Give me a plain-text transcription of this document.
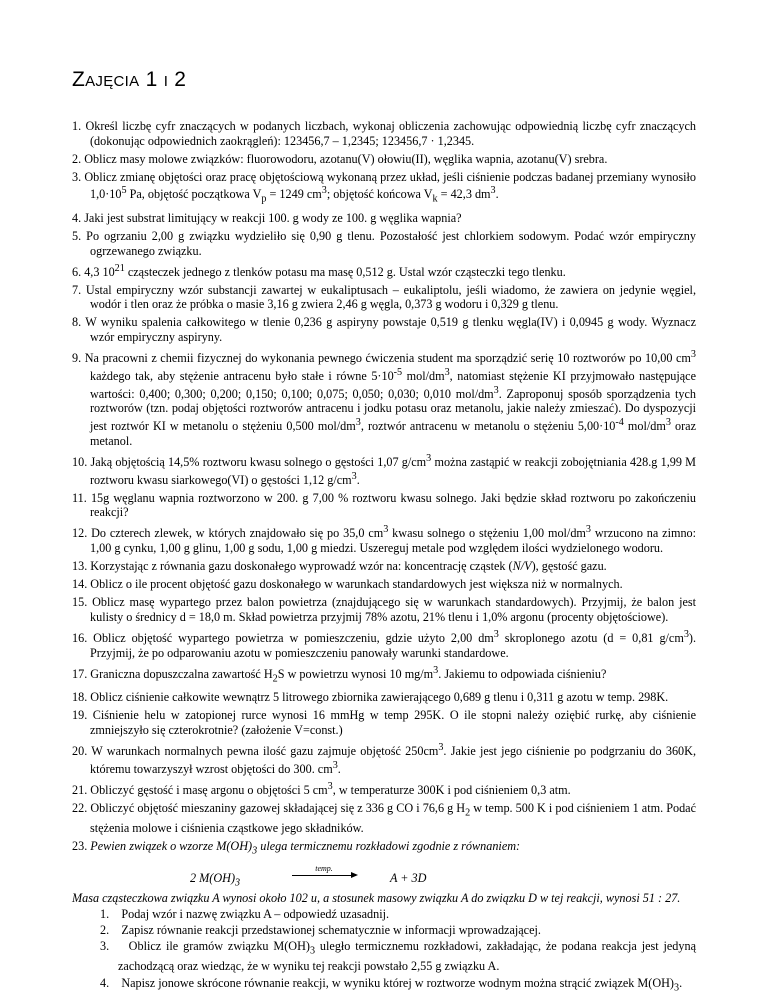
Zajęcia 1 i 2
1. Określ liczbę cyfr znaczących w podanych liczbach, wykonaj obliczenia zachowując odpowiednią liczbę cyfr znaczących (dokonując odpowiednich zaokrągleń): 123456,7 – 1,2345; 123456,7 · 1,2345.
2. Oblicz masy molowe związków: fluorowodoru, azotanu(V) ołowiu(II), węglika wapnia, azotanu(V) srebra.
3. Oblicz zmianę objętości oraz pracę objętościową wykonaną przez układ, jeśli ciśnienie podczas badanej przemiany wynosiło $1,0\cdot 10^5$ Pa, objętość początkowa $V_p = 1249$ $cm^3$; objętość końcowa $V_k = 42,3$ $dm^3$.
4. Jaki jest substrat limitujący w reakcji 100. g wody ze 100. g węglika wapnia?
5. Po ogrzaniu 2,00 g związku wydzieliło się 0,90 g tlenu. Pozostałość jest chlorkiem sodowym. Podać wzór empiryczny ogrzewanego związku.
6. 4,3 $10^{21}$ cząsteczek jednego z tlenków potasu ma masę 0,512 g. Ustal wzór cząsteczki tego tlenku.
7. Ustal empiryczny wzór substancji zawartej w eukaliptusach – eukaliptolu, jeśli wiadomo, że zawiera on jedynie węgiel, wodór i tlen oraz że próbka o masie 3,16 g zwiera 2,46 g węgla, 0,373 g wodoru i 0,329 g tlenu.
8. W wyniku spalenia całkowitego w tlenie 0,236 g aspiryny powstaje 0,519 g tlenku węgla(IV) i 0,0945 g wody. Wyznacz wzór empiryczny aspiryny.
9. Na pracowni z chemii fizycznej do wykonania pewnego ćwiczenia student ma sporządzić serię 10 roztworów po 10,00 $cm^3$ każdego tak, aby stężenie antracenu było stałe i równe $5\cdot 10^{-5}$ mol/$dm^3$, natomiast stężenie KI przyjmowało następujące wartości: 0,400; 0,300; 0,200; 0,150; 0,100; 0,075; 0,050; 0,030; 0,010 mol/$dm^3$. Zaproponuj sposób sporządzenia tych roztworów (tzn. podaj objętości roztworów antracenu i jodku potasu oraz metanolu, jakie należy zmieszać). Do dyspozycji jest roztwór KI w metanolu o stężeniu 0,500 mol/$dm^3$, roztwór antracenu w metanolu o stężeniu $5,00\cdot 10^{-4}$ mol/$dm^3$ oraz metanol.
10. Jaką objętością 14,5% roztworu kwasu solnego o gęstości 1,07 $g/cm^3$ można zastąpić w reakcji zobojętniania 428.g 1,99 M roztworu kwasu siarkowego(VI) o gęstości 1,12 $g/cm^3$.
11. 15g węglanu wapnia roztworzono w 200. g 7,00 % roztworu kwasu solnego. Jaki będzie skład roztworu po zakończeniu reakcji?
12. Do czterech zlewek, w których znajdowało się po 35,0 $cm^3$ kwasu solnego o stężeniu 1,00 mol/$dm^3$ wrzucono na zimno: 1,00 g cynku, 1,00 g glinu, 1,00 g sodu, 1,00 g miedzi. Uszereguj metale pod względem ilości wydzielonego wodoru.
13. Korzystając z równania gazu doskonałego wyprowadź wzór na: koncentrację cząstek (N/V), gęstość gazu.
14. Oblicz o ile procent objętość gazu doskonałego w warunkach standardowych jest większa niż w normalnych.
15. Oblicz masę wypartego przez balon powietrza (znajdującego się w warunkach standardowych). Przyjmij, że balon jest kulisty o średnicy d = 18,0 m. Skład powietrza przyjmij 78% azotu, 21% tlenu i 1,0% argonu (procenty objętościowe).
16. Oblicz objętość wypartego powietrza w pomieszczeniu, gdzie użyto 2,00 $dm^3$ skroplonego azotu (d = 0,81 $g/cm^3$). Przyjmij, że po odparowaniu azotu w pomieszczeniu panowały warunki standardowe.
17. Graniczna dopuszczalna zawartość $H_2S$ w powietrzu wynosi 10 $mg/m^3$. Jakiemu to odpowiada ciśnieniu?
18. Oblicz ciśnienie całkowite wewnątrz 5 litrowego zbiornika zawierającego 0,689 g tlenu i 0,311 g azotu w temp. 298K.
19. Ciśnienie helu w zatopionej rurce wynosi 16 mmHg w temp 295K. O ile stopni należy oziębić rurkę, aby ciśnienie zmniejszyło się czterokrotnie? (założenie V=const.)
20. W warunkach normalnych pewna ilość gazu zajmuje objętość $250cm^3$. Jakie jest jego ciśnienie po podgrzaniu do 360K, któremu towarzyszył wzrost objętości do 300. $cm^3$.
21. Obliczyć gęstość i masę argonu o objętości 5 $cm^3$, w temperaturze 300K i pod ciśnieniem 0,3 atm.
22. Obliczyć objętość mieszaniny gazowej składającej się z 336 g CO i 76,6 g $H_2$ w temp. 500 K i pod ciśnieniem 1 atm. Podać stężenia molowe i ciśnienia cząstkowe jego składników.
23. Pewien związek o wzorze $M(OH)_3$ ulega termicznemu rozkładowi zgodnie z równaniem:
2 $M(OH)_3$
temp.
A + 3D

Masa cząsteczkowa związku A wynosi około 102 u, a stosunek masowy związku A do związku D w tej reakcji, wynosi 51 : 27.

1.    Podaj wzór i nazwę związku A – odpowiedź uzasadnij.
2.    Zapisz równanie reakcji przedstawionej schematycznie w informacji wprowadzającej.
3.    Oblicz ile gramów związku $M(OH)_3$ uległo termicznemu rozkładowi, zakładając, że podana reakcja jest jedyną zachodzącą oraz wiedząc, że w wyniku tej reakcji powstało 2,55 g związku A.
4.    Napisz jonowe skrócone równanie reakcji, w wyniku której w roztworze wodnym można strącić związek $M(OH)_3$.
